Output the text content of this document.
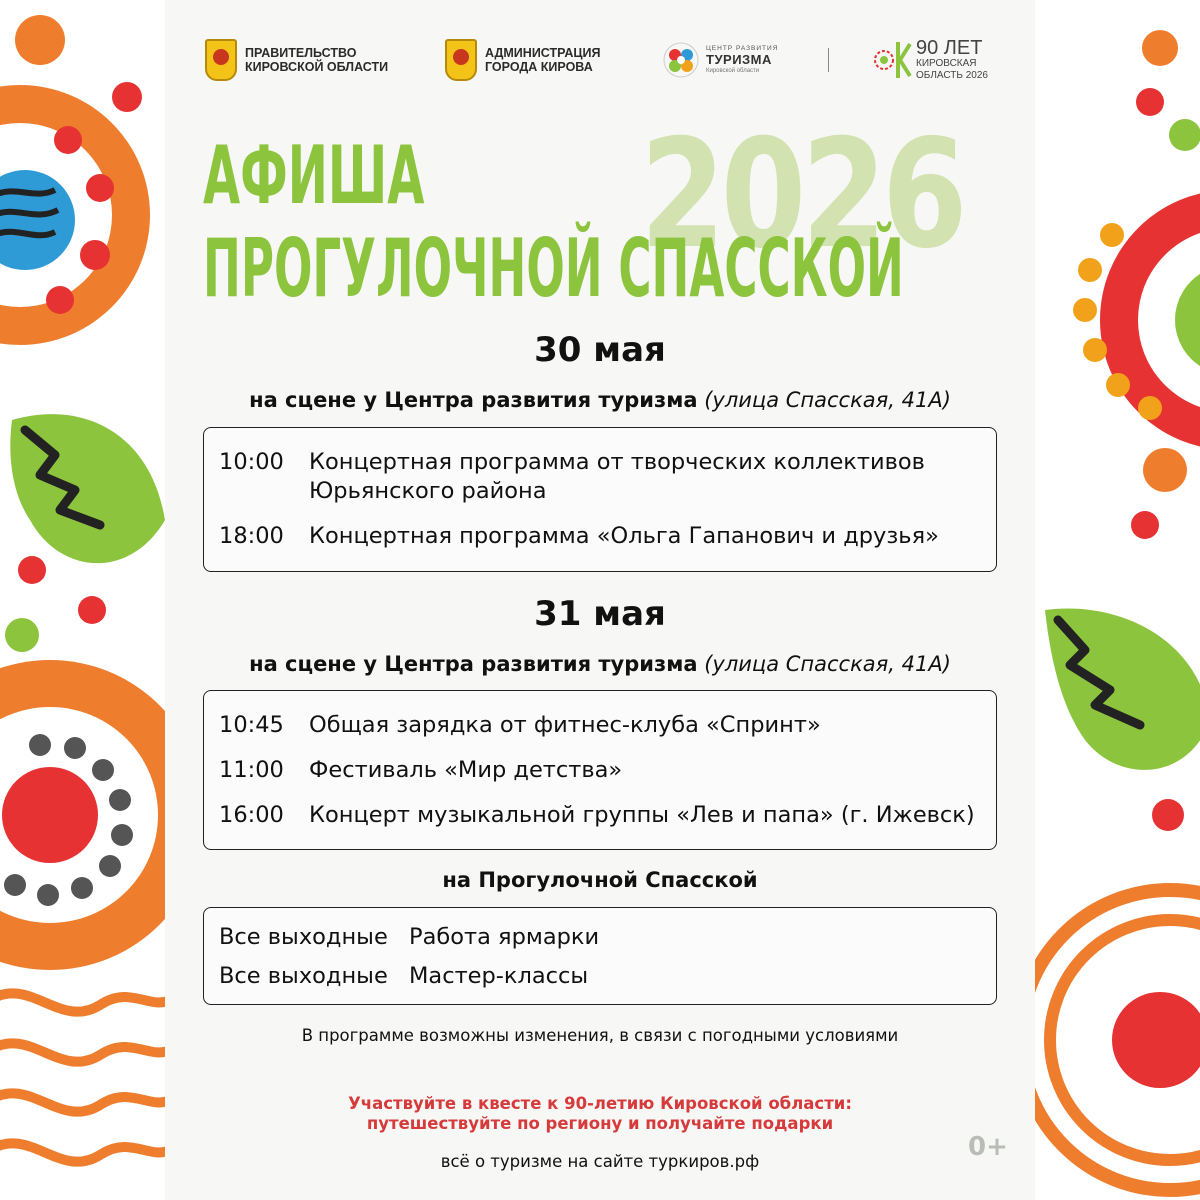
ПРАВИТЕЛЬСТВО
КИРОВСКОЙ ОБЛАСТИ
АДМИНИСТРАЦИЯ
ГОРОДА КИРОВА
ЦЕНТР РАЗВИТИЯ
ТУРИЗМА
Кировской области
90 ЛЕТ
КИРОВСКАЯ
ОБЛАСТЬ 2026
2026
АФИША
ПРОГУЛОЧНОЙ СПАССКОЙ
30 мая
на сцене у Центра развития туризма (улица Спасская, 41А)
10:00 Концертная программа от творческих коллективов
Юрьянского района
18:00 Концертная программа «Ольга Гапанович и друзья»
31 мая
на сцене у Центра развития туризма (улица Спасская, 41А)
10:45 Общая зарядка от фитнес-клуба «Спринт»
11:00 Фестиваль «Мир детства»
16:00 Концерт музыкальной группы «Лев и папа» (г. Ижевск)
на Прогулочной Спасской
Все выходные Работа ярмарки
Все выходные Мастер-классы
В программе возможны изменения, в связи с погодными условиями
Участвуйте в квесте к 90-летию Кировской области:
путешествуйте по региону и получайте подарки
всё о туризме на сайте туркиров.рф	0+
